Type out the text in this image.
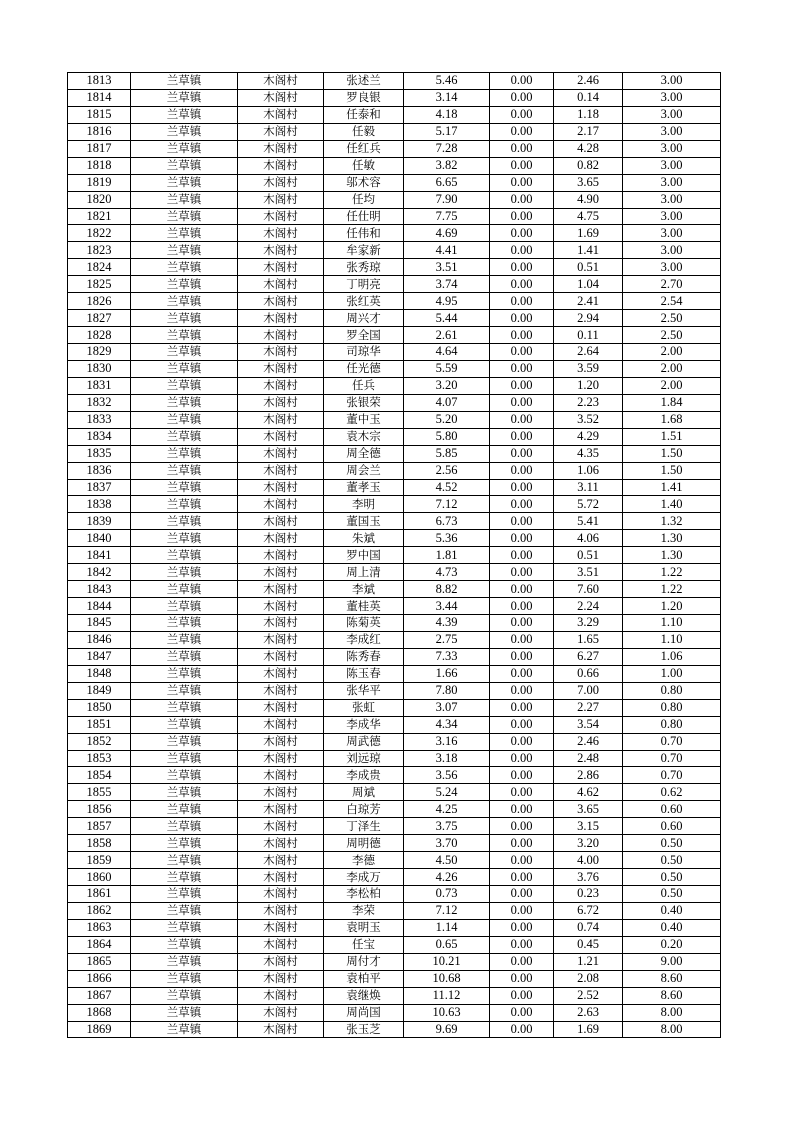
1813	兰草镇	木阁村	张述兰	5.46	0.00	2.46	3.00
1814	兰草镇	木阁村	罗良银	3.14	0.00	0.14	3.00
1815	兰草镇	木阁村	任泰和	4.18	0.00	1.18	3.00
1816	兰草镇	木阁村	任毅	5.17	0.00	2.17	3.00
1817	兰草镇	木阁村	任红兵	7.28	0.00	4.28	3.00
1818	兰草镇	木阁村	任敏	3.82	0.00	0.82	3.00
1819	兰草镇	木阁村	邬术容	6.65	0.00	3.65	3.00
1820	兰草镇	木阁村	任均	7.90	0.00	4.90	3.00
1821	兰草镇	木阁村	任仕明	7.75	0.00	4.75	3.00
1822	兰草镇	木阁村	任伟和	4.69	0.00	1.69	3.00
1823	兰草镇	木阁村	牟家新	4.41	0.00	1.41	3.00
1824	兰草镇	木阁村	张秀琼	3.51	0.00	0.51	3.00
1825	兰草镇	木阁村	丁明亮	3.74	0.00	1.04	2.70
1826	兰草镇	木阁村	张红英	4.95	0.00	2.41	2.54
1827	兰草镇	木阁村	周兴才	5.44	0.00	2.94	2.50
1828	兰草镇	木阁村	罗全国	2.61	0.00	0.11	2.50
1829	兰草镇	木阁村	司琼华	4.64	0.00	2.64	2.00
1830	兰草镇	木阁村	任光德	5.59	0.00	3.59	2.00
1831	兰草镇	木阁村	任兵	3.20	0.00	1.20	2.00
1832	兰草镇	木阁村	张银荣	4.07	0.00	2.23	1.84
1833	兰草镇	木阁村	董中玉	5.20	0.00	3.52	1.68
1834	兰草镇	木阁村	袁木宗	5.80	0.00	4.29	1.51
1835	兰草镇	木阁村	周全德	5.85	0.00	4.35	1.50
1836	兰草镇	木阁村	周会兰	2.56	0.00	1.06	1.50
1837	兰草镇	木阁村	董孝玉	4.52	0.00	3.11	1.41
1838	兰草镇	木阁村	李明	7.12	0.00	5.72	1.40
1839	兰草镇	木阁村	董国玉	6.73	0.00	5.41	1.32
1840	兰草镇	木阁村	朱斌	5.36	0.00	4.06	1.30
1841	兰草镇	木阁村	罗中国	1.81	0.00	0.51	1.30
1842	兰草镇	木阁村	周上清	4.73	0.00	3.51	1.22
1843	兰草镇	木阁村	李斌	8.82	0.00	7.60	1.22
1844	兰草镇	木阁村	董桂英	3.44	0.00	2.24	1.20
1845	兰草镇	木阁村	陈菊英	4.39	0.00	3.29	1.10
1846	兰草镇	木阁村	李成红	2.75	0.00	1.65	1.10
1847	兰草镇	木阁村	陈秀春	7.33	0.00	6.27	1.06
1848	兰草镇	木阁村	陈玉春	1.66	0.00	0.66	1.00
1849	兰草镇	木阁村	张华平	7.80	0.00	7.00	0.80
1850	兰草镇	木阁村	张虹	3.07	0.00	2.27	0.80
1851	兰草镇	木阁村	李成华	4.34	0.00	3.54	0.80
1852	兰草镇	木阁村	周武德	3.16	0.00	2.46	0.70
1853	兰草镇	木阁村	刘远琼	3.18	0.00	2.48	0.70
1854	兰草镇	木阁村	李成贵	3.56	0.00	2.86	0.70
1855	兰草镇	木阁村	周斌	5.24	0.00	4.62	0.62
1856	兰草镇	木阁村	白琼芳	4.25	0.00	3.65	0.60
1857	兰草镇	木阁村	丁泽生	3.75	0.00	3.15	0.60
1858	兰草镇	木阁村	周明德	3.70	0.00	3.20	0.50
1859	兰草镇	木阁村	李德	4.50	0.00	4.00	0.50
1860	兰草镇	木阁村	李成万	4.26	0.00	3.76	0.50
1861	兰草镇	木阁村	李松柏	0.73	0.00	0.23	0.50
1862	兰草镇	木阁村	李荣	7.12	0.00	6.72	0.40
1863	兰草镇	木阁村	袁明玉	1.14	0.00	0.74	0.40
1864	兰草镇	木阁村	任宝	0.65	0.00	0.45	0.20
1865	兰草镇	木阁村	周付才	10.21	0.00	1.21	9.00
1866	兰草镇	木阁村	袁柏平	10.68	0.00	2.08	8.60
1867	兰草镇	木阁村	袁继焕	11.12	0.00	2.52	8.60
1868	兰草镇	木阁村	周尚国	10.63	0.00	2.63	8.00
1869	兰草镇	木阁村	张玉芝	9.69	0.00	1.69	8.00
